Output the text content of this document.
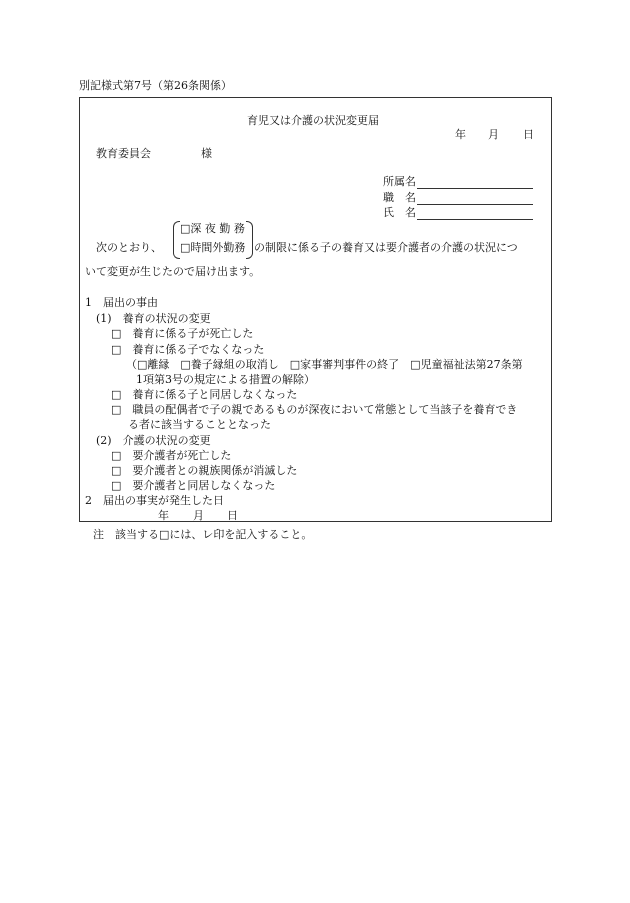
別記様式第7号（第26条関係）
育児又は介護の状況変更届
年 月 日
教育委員会	様
所属名
職　名
氏　名
次のとおり、
□深 夜 勤 務
□時間外勤務 の制限に係る子の養育又は要介護者の介護の状況につ
いて変更が生じたので届け出ます。
1　届出の事由
(1)　養育の状況の変更
□　養育に係る子が死亡した
□　養育に係る子でなくなった
（□離縁　□養子縁組の取消し　□家事審判事件の終了　□児童福祉法第27条第
1項第3号の規定による措置の解除）
□　養育に係る子と同居しなくなった
□　職員の配偶者で子の親であるものが深夜において常態として当該子を養育でき
る者に該当することとなった
(2)　介護の状況の変更
□　要介護者が死亡した
□　要介護者との親族関係が消滅した
□　要介護者と同居しなくなった
2　届出の事実が発生した日
年 月 日
注　該当する□には、レ印を記入すること。
